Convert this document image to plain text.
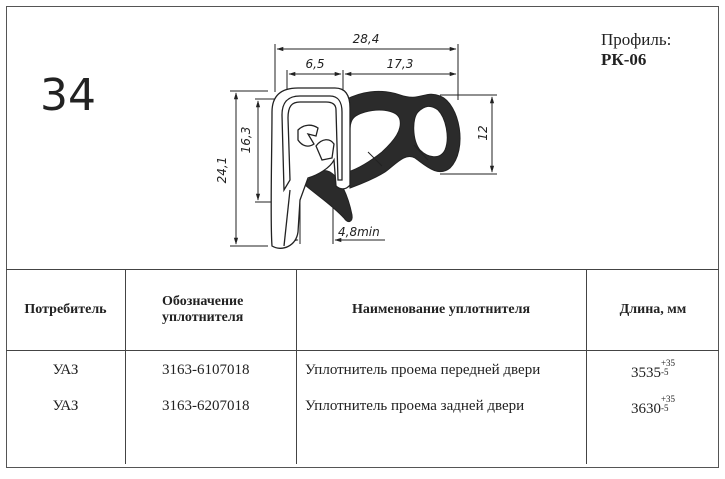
34
Профиль:
РК-06
28,4
6,5	17,3
24,1
16,3	12
4,8min
Потребитель	Обозначение уплотнителя	Наименование уплотнителя	Длина, мм
УАЗ	3163-6107018	Уплотнитель проема передней двери	3535
+35
-5

УАЗ	3163-6207018	Уплотнитель проема задней двери	3630
+35
-5
